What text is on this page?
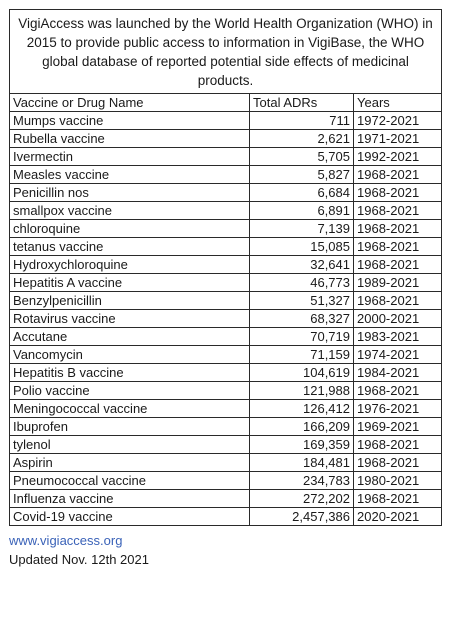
VigiAccess was launched by the World Health Organization (WHO) in 2015 to provide public access to information in VigiBase, the WHO global database of reported potential side effects of medicinal products.		
Vaccine or Drug Name	Total ADRs	Years
Mumps vaccine	711	1972-2021
Rubella vaccine	2,621	1971-2021
Ivermectin	5,705	1992-2021
Measles vaccine	5,827	1968-2021
Penicillin nos	6,684	1968-2021
smallpox vaccine	6,891	1968-2021
chloroquine	7,139	1968-2021
tetanus vaccine	15,085	1968-2021
Hydroxychloroquine	32,641	1968-2021
Hepatitis A vaccine	46,773	1989-2021
Benzylpenicillin	51,327	1968-2021
Rotavirus vaccine	68,327	2000-2021
Accutane	70,719	1983-2021
Vancomycin	71,159	1974-2021
Hepatitis B vaccine	104,619	1984-2021
Polio vaccine	121,988	1968-2021
Meningococcal vaccine	126,412	1976-2021
Ibuprofen	166,209	1969-2021
tylenol	169,359	1968-2021
Aspirin	184,481	1968-2021
Pneumococcal vaccine	234,783	1980-2021
Influenza vaccine	272,202	1968-2021
Covid-19 vaccine	2,457,386	2020-2021
www.vigiaccess.org
Updated Nov. 12th 2021
